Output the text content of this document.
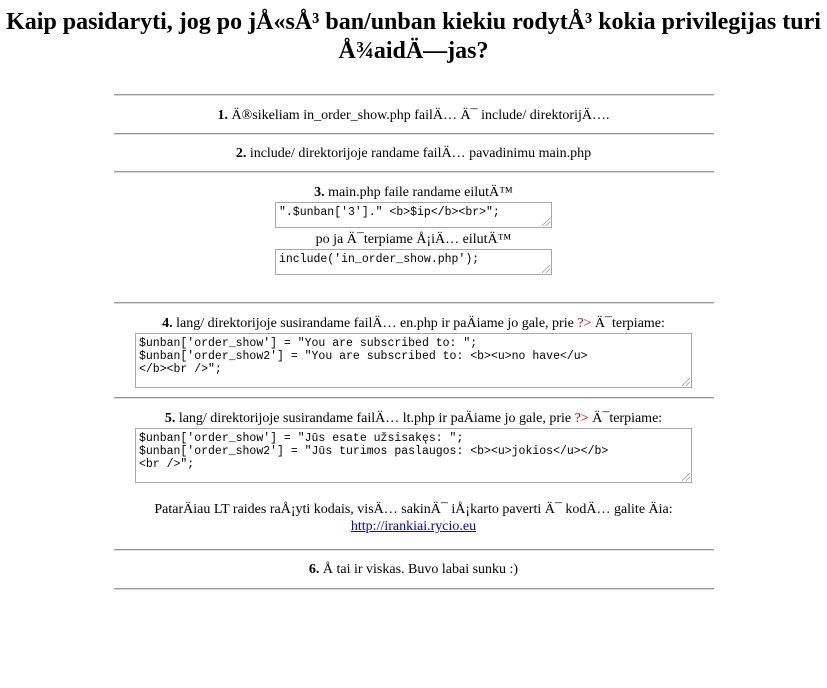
Kaip pasidaryti, jog po jÅ«sÅ³ ban/unban kiekiu rodytÅ³ kokia privilegijas turi Å¾aidÄ—jas?

1. Ä®sikeliam in_order_show.php failÄ… Ä¯ include/ direktorijÄ….

2. include/ direktorijoje randame failÄ… pavadinimu main.php

3. main.php faile randame eilutÄ™

".$unban['3']." <b>$ip</b><br>";

po ja Ä¯terpiame Å¡iÄ… eilutÄ™

include('in_order_show.php');

4. lang/ direktorijoje susirandame failÄ… en.php ir paÄiame jo gale, prie ?> Ä¯terpiame:

$unban['order_show'] = "You are subscribed to: ";
$unban['order_show2'] = "You are subscribed to: <b><u>no have</u>
</b><br />";

5. lang/ direktorijoje susirandame failÄ… lt.php ir paÄiame jo gale, prie ?> Ä¯terpiame:

$unban['order_show'] = "Jūs esate užsisakęs: ";
$unban['order_show2'] = "Jūs turimos paslaugos: <b><u>jokios</u></b>
<br />";

PatarÄiau LT raides raÅ¡yti kodais, visÄ… sakinÄ¯ iÅ¡karto paverti Ä¯ kodÄ… galite Äia:
http://irankiai.rycio.eu

6. Å tai ir viskas. Buvo labai sunku :)
